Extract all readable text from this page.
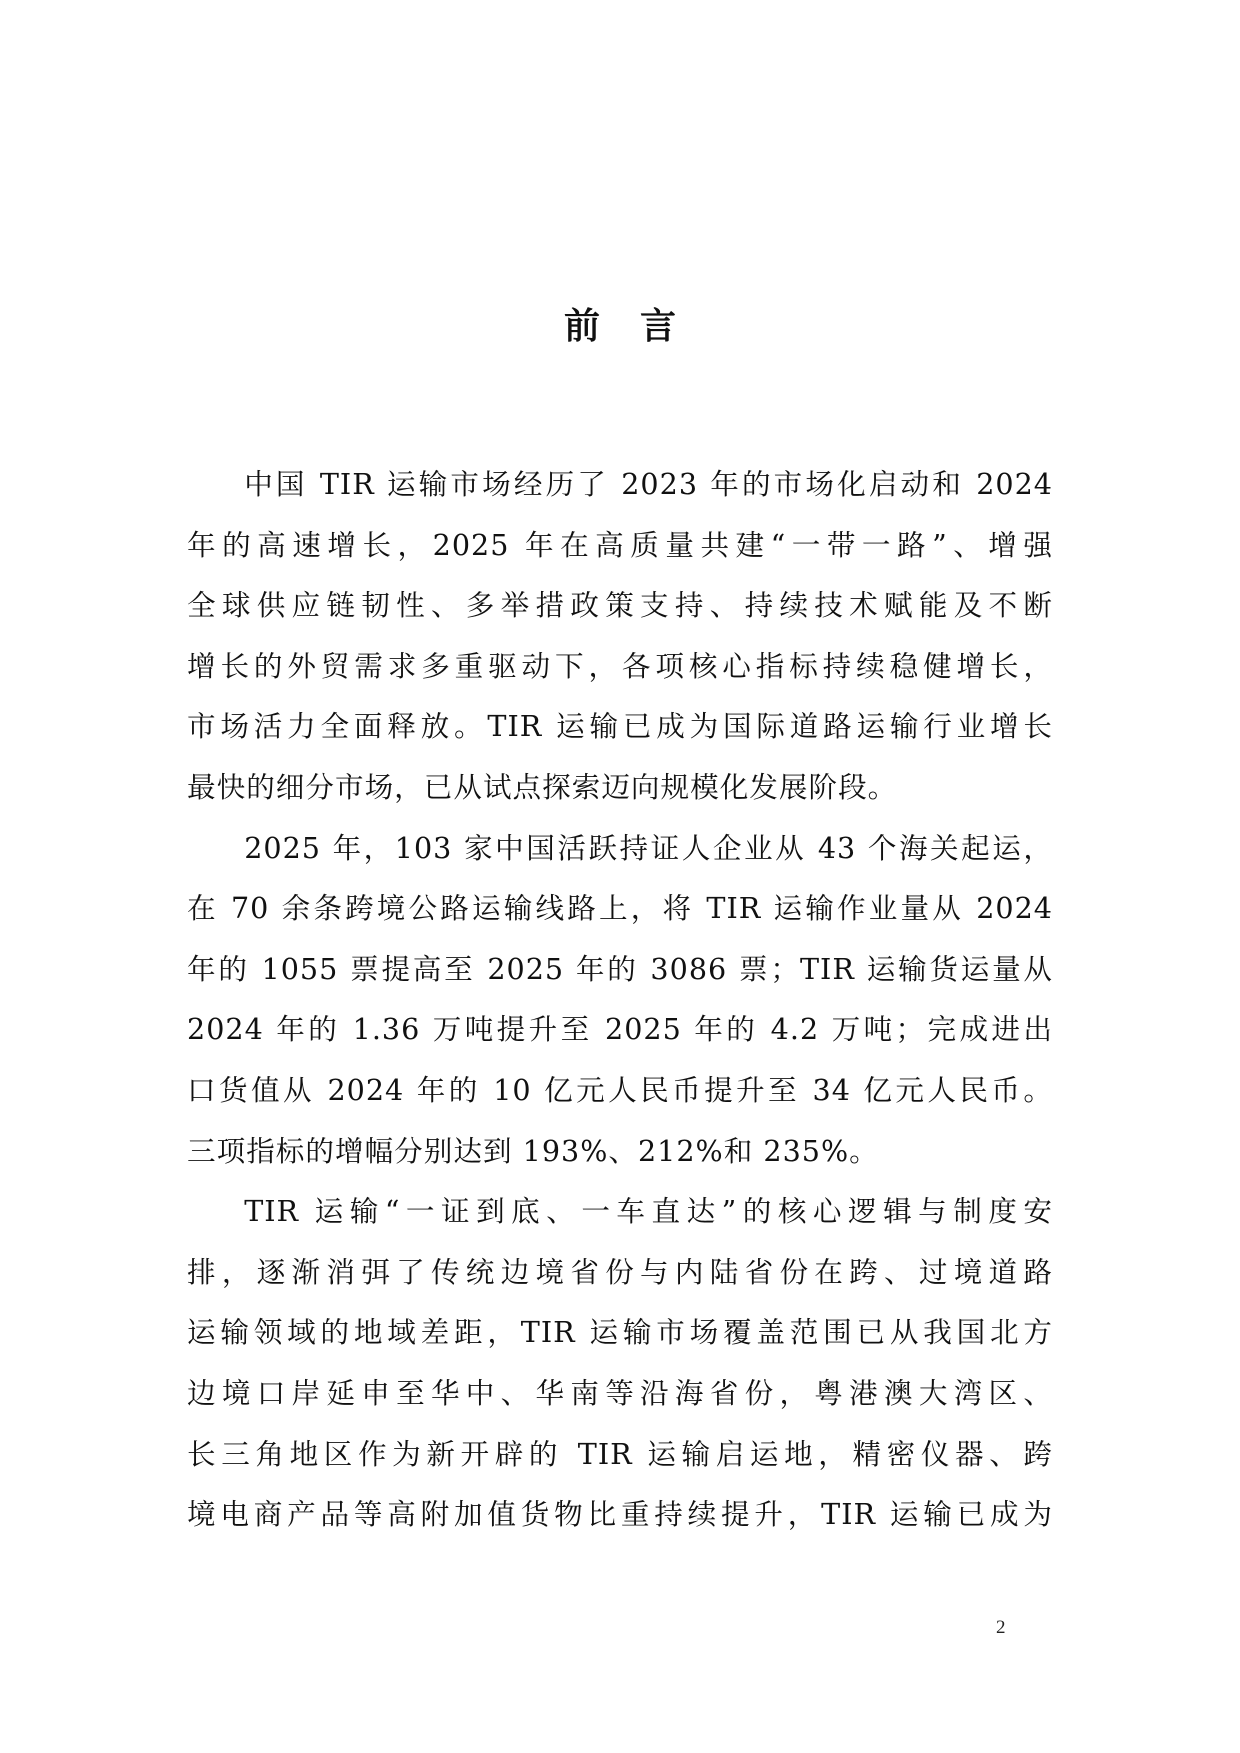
前言
中国 TIR 运输市场经历了 2023 年的市场化启动和 2024
年的高速增长，2025 年在高质量共建“一带一路”、增强
全球供应链韧性、多举措政策支持、持续技术赋能及不断
增长的外贸需求多重驱动下，各项核心指标持续稳健增长，
市场活力全面释放。TIR 运输已成为国际道路运输行业增长
最快的细分市场，已从试点探索迈向规模化发展阶段。
2025 年，103 家中国活跃持证人企业从 43 个海关起运，
在 70 余条跨境公路运输线路上，将 TIR 运输作业量从 2024
年的 1055 票提高至 2025 年的 3086 票；TIR 运输货运量从
2024 年的 1.36 万吨提升至 2025 年的 4.2 万吨；完成进出
口货值从 2024 年的 10 亿元人民币提升至 34 亿元人民币。
三项指标的增幅分别达到 193%、212%和 235%。
TIR 运输“一证到底、一车直达”的核心逻辑与制度安
排，逐渐消弭了传统边境省份与内陆省份在跨、过境道路
运输领域的地域差距，TIR 运输市场覆盖范围已从我国北方
边境口岸延申至华中、华南等沿海省份，粤港澳大湾区、
长三角地区作为新开辟的 TIR 运输启运地，精密仪器、跨
境电商产品等高附加值货物比重持续提升，TIR 运输已成为
2
